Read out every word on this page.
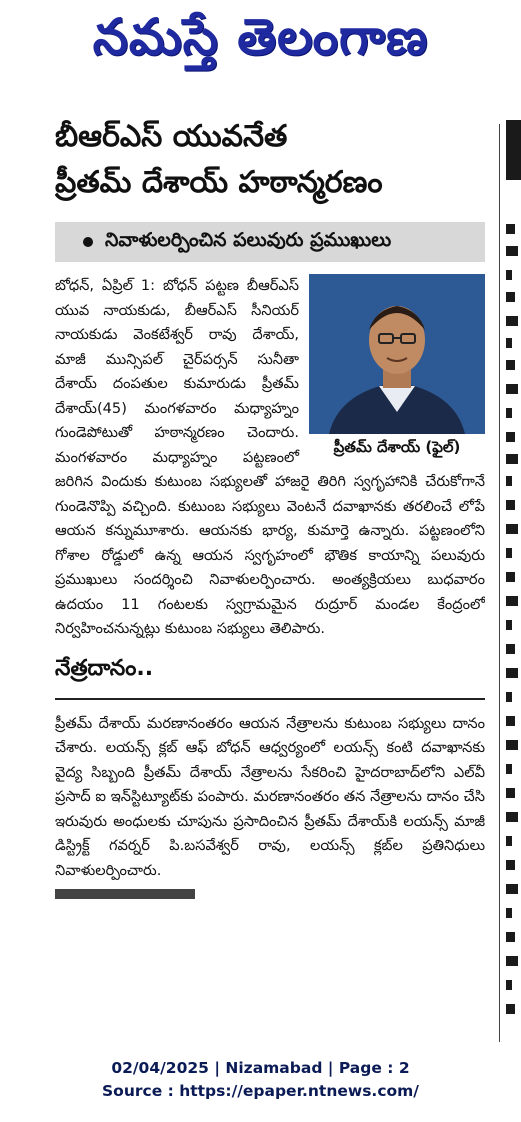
నమస్తే తెలంగాణ
బీఆర్ఎస్ యువనేత
ప్రీతమ్ దేశాయ్ హఠాన్మరణం
నివాళులర్పించిన పలువురు ప్రముఖులు
ప్రీతమ్ దేశాయ్ (ఫైల్)

బోధన్, ఏప్రిల్ 1: బోధన్ పట్టణ బీఆర్ఎస్ యువ నాయకుడు, బీఆర్ఎస్ సీనియర్ నాయకుడు వెంకటేశ్వర్ రావు దేశాయ్, మాజీ మున్సిపల్ చైర్‌పర్సన్ సునీతా దేశాయ్ దంపతుల కుమారుడు ప్రీతమ్ దేశాయ్(45) మంగళవారం మధ్యాహ్నం గుండెపోటుతో హఠాన్మరణం చెందారు. మంగళవారం మధ్యాహ్నం పట్టణంలో జరిగిన విందుకు కుటుంబ సభ్యులతో హాజరై తిరిగి స్వగృహానికి చేరుకోగానే గుండెనొప్పి వచ్చింది. కుటుంబ సభ్యులు వెంటనే దవాఖానకు తరలించే లోపే ఆయన కన్నుమూశారు. ఆయనకు భార్య, కుమార్తె ఉన్నారు. పట్టణంలోని గోశాల రోడ్డులో ఉన్న ఆయన స్వగృహంలో భౌతిక కాయాన్ని పలువురు ప్రముఖులు సందర్శించి నివాళులర్పించారు. అంత్యక్రియలు బుధవారం ఉదయం 11 గంటలకు స్వగ్రామమైన రుద్రూర్ మండల కేంద్రంలో నిర్వహించనున్నట్లు కుటుంబ సభ్యులు తెలిపారు.

నేత్రదానం..

ప్రీతమ్ దేశాయ్ మరణానంతరం ఆయన నేత్రాలను కుటుంబ సభ్యులు దానం చేశారు. లయన్స్ క్లబ్ ఆఫ్ బోధన్ ఆధ్వర్యంలో లయన్స్ కంటి దవాఖానకు వైద్య సిబ్బంది ప్రీతమ్ దేశాయ్ నేత్రాలను సేకరించి హైదరాబాద్‌లోని ఎల్‌వీ ప్రసాద్ ఐ ఇన్‌స్టిట్యూట్‌కు పంపారు. మరణానంతరం తన నేత్రాలను దానం చేసి ఇరువురు అంధులకు చూపును ప్రసాదించిన ప్రీతమ్ దేశాయ్‌కి లయన్స్ మాజీ డిస్ట్రిక్ట్ గవర్నర్ పి.బసవేశ్వర్ రావు, లయన్స్ క్లబ్‌ల ప్రతినిధులు నివాళులర్పించారు.

02/04/2025 | Nizamabad | Page : 2
Source : https://epaper.ntnews.com/
